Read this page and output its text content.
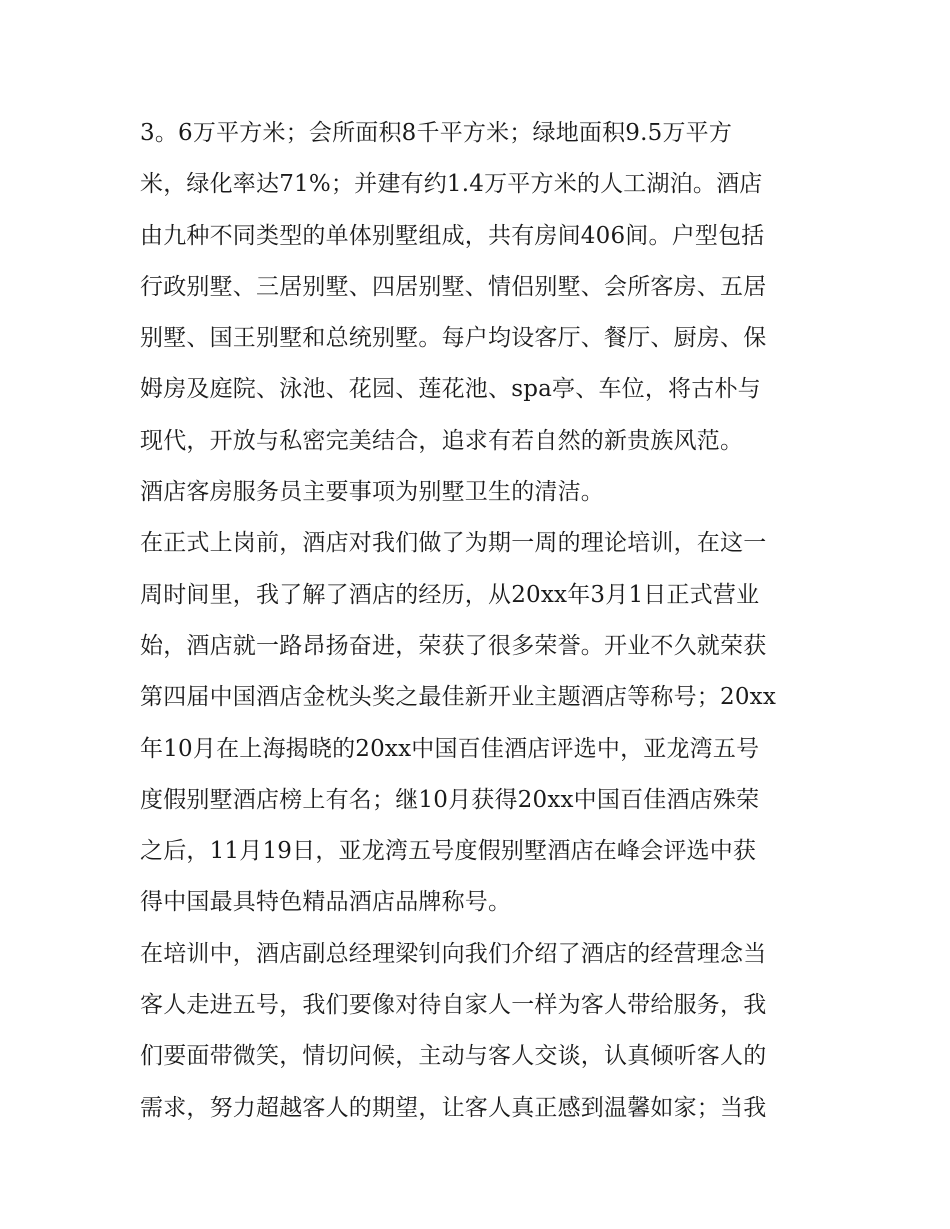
3。6万平方米；会所面积8千平方米；绿地面积9.5万平方
米，绿化率达71%；并建有约1.4万平方米的人工湖泊。酒店
由九种不同类型的单体别墅组成，共有房间406间。户型包括
行政别墅、三居别墅、四居别墅、情侣别墅、会所客房、五居
别墅、国王别墅和总统别墅。每户均设客厅、餐厅、厨房、保
姆房及庭院、泳池、花园、莲花池、spa亭、车位，将古朴与
现代，开放与私密完美结合，追求有若自然的新贵族风范。

酒店客房服务员主要事项为别墅卫生的清洁。

在正式上岗前，酒店对我们做了为期一周的理论培训，在这一
周时间里，我了解了酒店的经历，从20xx年3月1日正式营业
始，酒店就一路昂扬奋进，荣获了很多荣誉。开业不久就荣获
第四届中国酒店金枕头奖之最佳新开业主题酒店等称号；20xx
年10月在上海揭晓的20xx中国百佳酒店评选中，亚龙湾五号
度假别墅酒店榜上有名；继10月获得20xx中国百佳酒店殊荣
之后，11月19日，亚龙湾五号度假别墅酒店在峰会评选中获
得中国最具特色精品酒店品牌称号。

在培训中，酒店副总经理梁钊向我们介绍了酒店的经营理念当
客人走进五号，我们要像对待自家人一样为客人带给服务，我
们要面带微笑，情切问候，主动与客人交谈，认真倾听客人的
需求，努力超越客人的期望，让客人真正感到温馨如家；当我
